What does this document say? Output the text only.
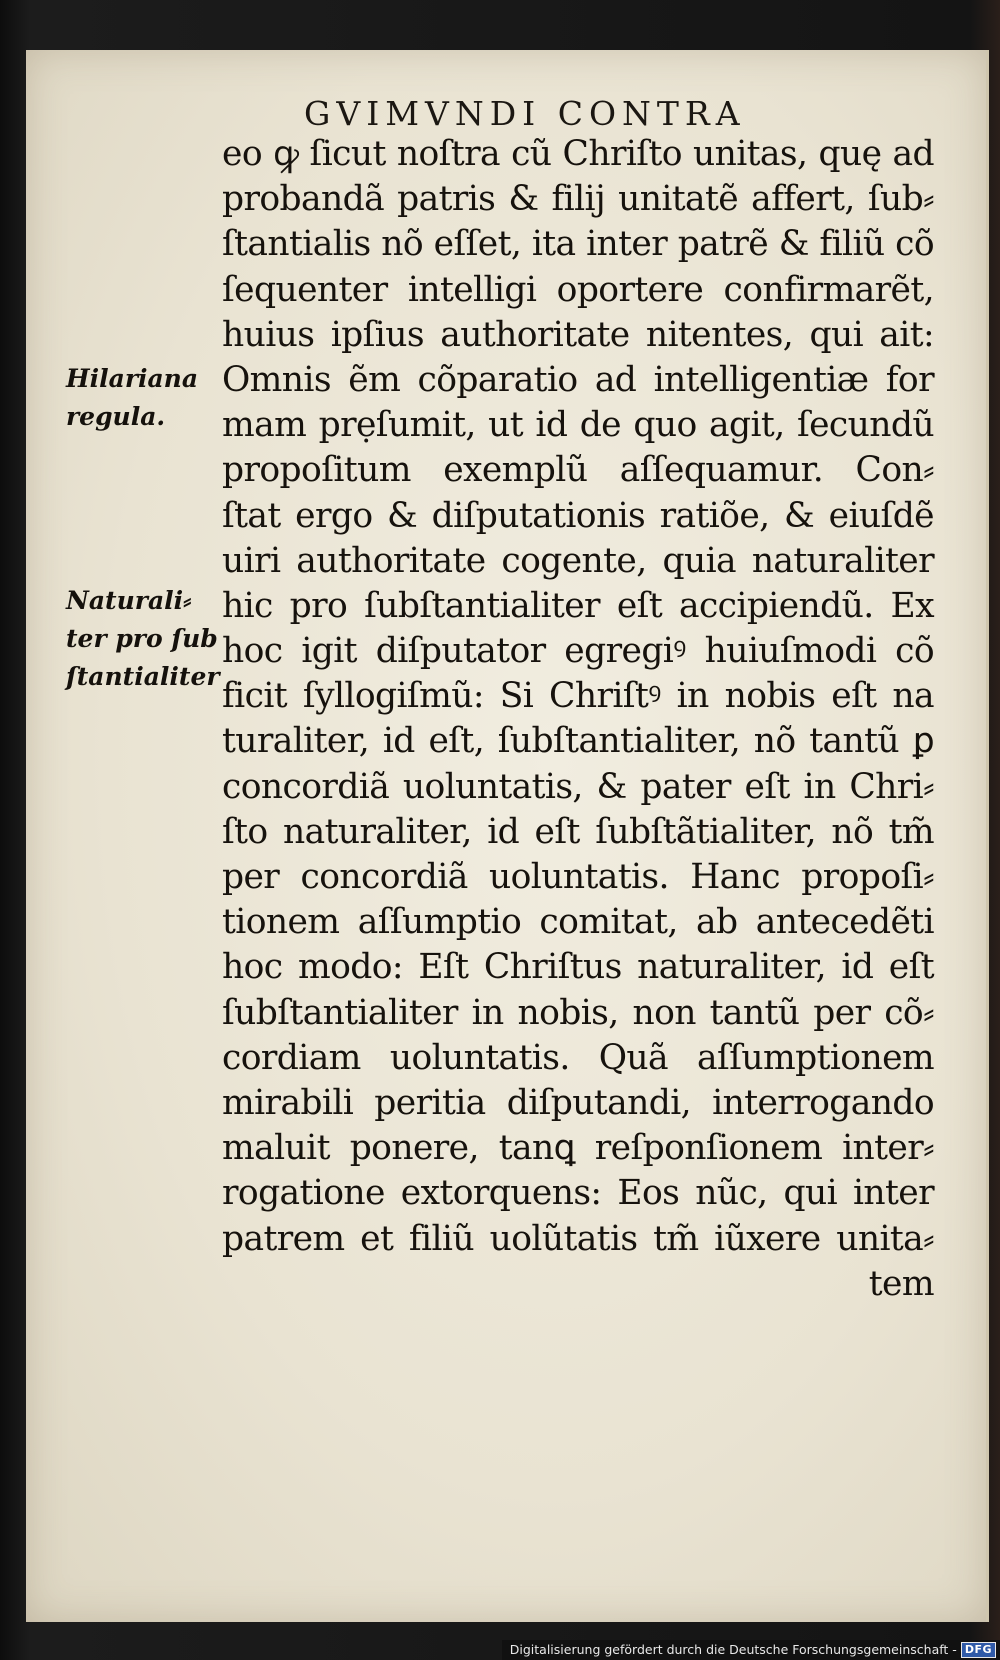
GVIMVNDI CONTRA
eo ꝙ ſicut noſtra cũ Chriſto unitas, quę ad
probandã patris & filij unitatẽ affert, ſub⸗
ſtantialis nõ eſſet, ita inter patrẽ & filiũ cõ
ſequenter intelligi oportere confirmarẽt,
huius ipſius authoritate nitentes, qui ait:
Omnis ẽm cõparatio ad intelligentiæ for
mam prẹſumit, ut id de quo agit, ſecundũ
propoſitum exemplũ aſſequamur. Con⸗
ſtat ergo & diſputationis ratiõe, & eiuſdẽ
uiri authoritate cogente, quia naturaliter
hic pro ſubſtantialiter eſt accipiendũ. Ex
hoc igit diſputator egregiꝰ huiuſmodi cõ
ficit ſyllogiſmũ: Si Chriſtꝰ in nobis eſt na
turaliter, id eſt, ſubſtantialiter, nõ tantũ ꝑ
concordiã uoluntatis, & pater eſt in Chri⸗
ſto naturaliter, id eſt ſubſtãtialiter, nõ tm̃
per concordiã uoluntatis. Hanc propoſi⸗
tionem aſſumptio comitat, ab antecedẽti
hoc modo: Eſt Chriſtus naturaliter, id eſt
ſubſtantialiter in nobis, non tantũ per cõ⸗
cordiam uoluntatis. Quã aſſumptionem
mirabili peritia diſputandi, interrogando
maluit ponere, tanꝗ reſponſionem inter⸗
rogatione extorquens: Eos nũc, qui inter
patrem et filiũ uolũtatis tm̃ iũxere unita⸗
tem
Hilariana
regula.
Naturali⸗
ter pro ſub
ſtantialiter
Digitalisierung gefördert durch die Deutsche Forschungsgemeinschaft - DFG
